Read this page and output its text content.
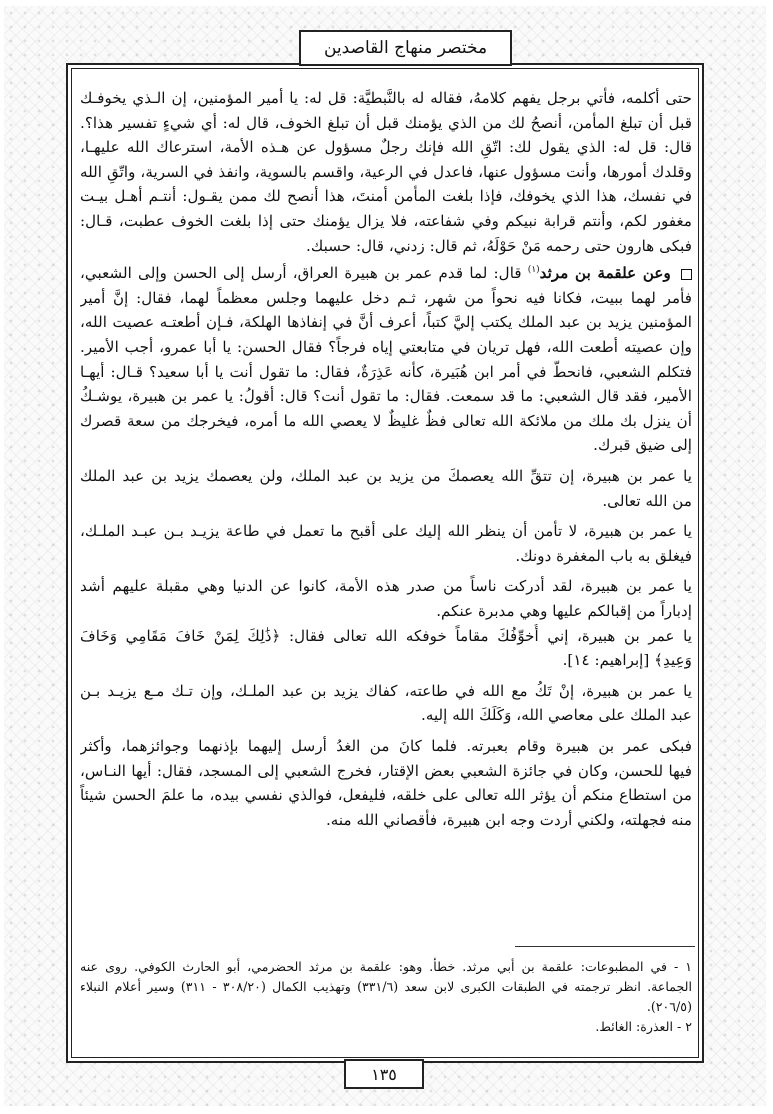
مختصر منهاج القاصدين

حتى أكلمه، فأتي برجل يفهم كلامهُ، فقاله له بالنَّبطيَّة: قل له: يا أمير المؤمنين، إن الـذي يخوفـك
قبل أن تبلغ المأمن، أنصحُ لك من الذي يؤمنك قبل أن تبلغ الخوف، قال له: أي شيءٍ تفسير هذا؟.
قال: قل له: الذي يقول لك: اتّقِ الله فإنك رجلٌ مسؤول عن هـذه الأمة، استرعاك الله عليهـا،
وقلدك أمورها، وأنت مسؤول عنها، فاعدل في الرعية، واقسم بالسوية، وانفذ في السرية، واتّقِ الله
في نفسك، هذا الذي يخوفك، فإذا بلغت المأمن أمنتَ، هذا أنصح لك ممن يقـول: أنتـم أهـل بيـت
مغفور لكم، وأنتم قرابة نبيكم وفي شفاعته، فلا يزال يؤمنك حتى إذا بلغت الخوف عطبت، قـال:
فبكى هارون حتى رحمه مَنْ حَوْلَهُ، ثم قال: زدني، قال: حسبك.

وعن علقمة بن مرثد$^{(١)}$ قال: لما قدم عمر بن هبيرة العراق، أرسل إلى الحسن وإلى الشعبي،
فأمر لهما ببيت، فكانا فيه نحواً من شهر، ثـم دخل عليهما وجلس معظماً لهما، فقال: إنَّ أمير
المؤمنين يزيد بن عبد الملك يكتب إليَّ كتباً، أعرف أنَّ في إنفاذها الهلكة، فـإن أطعتـه عصيت الله،
وإن عصيته أطعت الله، فهل تريان في متابعتي إياه فرجاً؟ فقال الحسن: يا أبا عمرو، أجب الأمير.
فتكلم الشعبي، فانحطَّ في أمر ابن هُبَيرة، كأنه عَذِرَةٌ، فقال: ما تقول أنت يا أبا سعيد؟ قـال: أيهـا
الأمير، فقد قال الشعبي: ما قد سمعت. فقال: ما تقول أنت؟ قال: أقولُ: يا عمر بن هبيرة، يوشـكُ
أن ينزل بك ملك من ملائكة الله تعالى فظٌ غليظٌ لا يعصي الله ما أمره، فيخرجك من سعة قصرك
إلى ضيق قبرك.

يا عمر بن هبيرة، إن تتقِّ الله يعصمكَ من يزيد بن عبد الملك، ولن يعصمك يزيد بن عبد الملك
من الله تعالى.

يا عمر بن هبيرة، لا تأمن أن ينظر الله إليك على أقبح ما تعمل في طاعة يزيـد بـن عبـد الملـك،
فيغلق به باب المغفرة دونك.

يا عمر بن هبيرة، لقد أدركت ناساً من صدر هذه الأمة، كانوا عن الدنيا وهي مقبلة عليهم أشد
إدباراً من إقبالكم عليها وهي مدبرة عنكم.

يا عمر بن هبيرة، إني أُخوِّفُكَ مقاماً خوفكه الله تعالى فقال: ﴿ذَٰلِكَ لِمَنْ خَافَ مَقَامِي وَخَافَ
وَعِيدِ﴾ [إبراهيم: ١٤].

يا عمر بن هبيرة، إنْ تَكُ مع الله في طاعته، كفاك يزيد بن عبد الملـك، وإن تـك مـع يزيـد بـن
عبد الملك على معاصي الله، وَكَلَكَ الله إليه.

فبكى عمر بن هبيرة وقام بعبرته. فلما كانَ من الغدُ أرسل إليهما بإذنهما وجوائزهما، وأكثر
فيها للحسن، وكان في جائزة الشعبي بعض الإقتار، فخرج الشعبي إلى المسجد، فقال: أيها النـاس،
من استطاع منكم أن يؤثر الله تعالى على خلقه، فليفعل، فوالذي نفسي بيده، ما علمَ الحسن شيئاً
منه فجهلته، ولكني أردت وجه ابن هبيرة، فأقصاني الله منه.

١ - في المطبوعات: علقمة بن أبي مرثد. خطأ. وهو: علقمة بن مرثد الحضرمي، أبو الحارث الكوفي. روى عنه
الجماعة. انظر ترجمته في الطبقات الكبرى لابن سعد (٣٣١/٦) وتهذيب الكمال (٣٠٨/٢٠ - ٣١١) وسير أعلام النبلاء
(٢٠٦/٥).
٢ - العذرة: الغائط.
١٣٥
